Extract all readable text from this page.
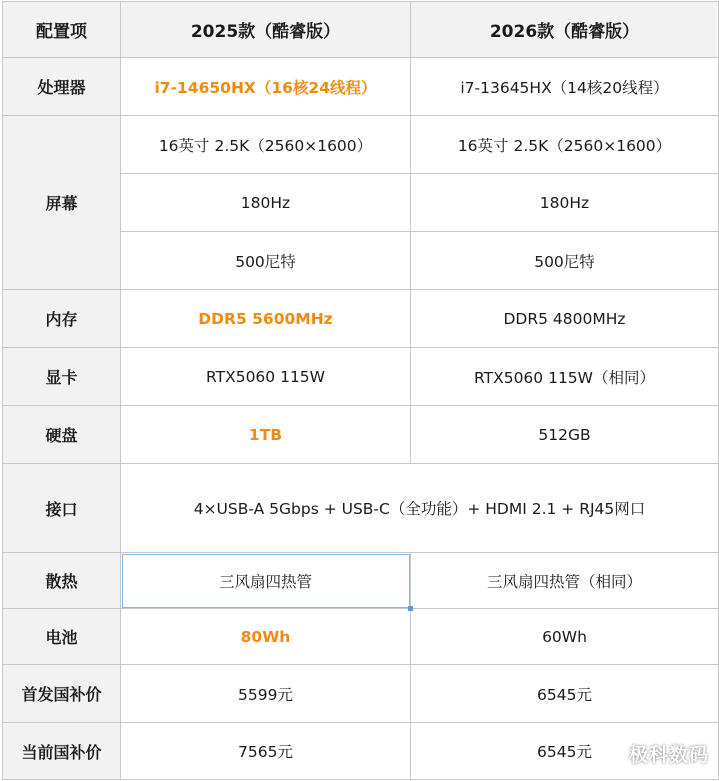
配置项	2025款（酷睿版）	2026款（酷睿版）
处理器	i7-14650HX（16核24线程）	i7-13645HX（14核20线程）
屏幕	16英寸 2.5K（2560×1600）	16英寸 2.5K（2560×1600）
	180Hz	180Hz
	500尼特	500尼特
内存	DDR5 5600MHz	DDR5 4800MHz
显卡	RTX5060 115W	RTX5060 115W（相同）
硬盘	1TB	512GB
接口	4×USB-A 5Gbps + USB-C（全功能）+ HDMI 2.1 + RJ45网口	
散热	三风扇四热管	三风扇四热管（相同）
电池	80Wh	60Wh
首发国补价	5599元	6545元
当前国补价	7565元	6545元 极科数码
